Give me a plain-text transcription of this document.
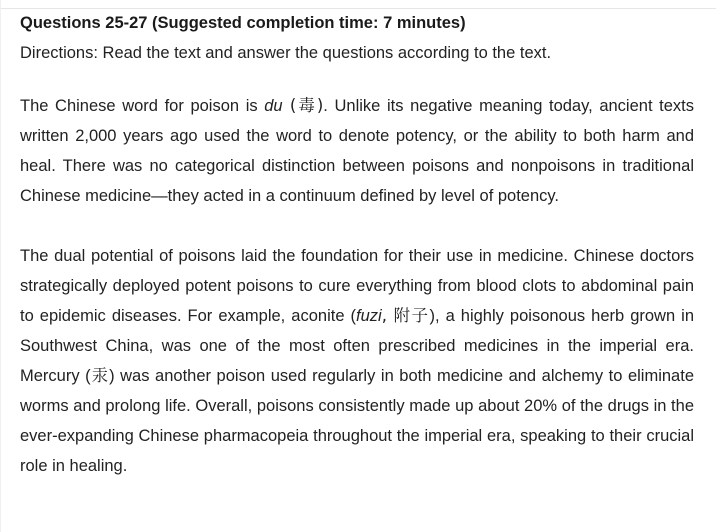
Questions 25-27 (Suggested completion time: 7 minutes)

Directions: Read the text and answer the questions according to the text.

The Chinese word for poison is du (毒). Unlike its negative meaning today, ancient texts written 2,000 years ago used the word to denote potency, or the ability to both harm and heal. There was no categorical distinction between poisons and nonpoisons in traditional Chinese medicine—they acted in a continuum defined by level of potency.

The dual potential of poisons laid the foundation for their use in medicine. Chinese doctors strategically deployed potent poisons to cure everything from blood clots to abdominal pain to epidemic diseases. For example, aconite (fuzi, 附子), a highly poisonous herb grown in Southwest China, was one of the most often prescribed medicines in the imperial era. Mercury (汞) was another poison used regularly in both medicine and alchemy to eliminate worms and prolong life. Overall, poisons consistently made up about 20% of the drugs in the ever-expanding Chinese pharmacopeia throughout the imperial era, speaking to their crucial role in healing.
